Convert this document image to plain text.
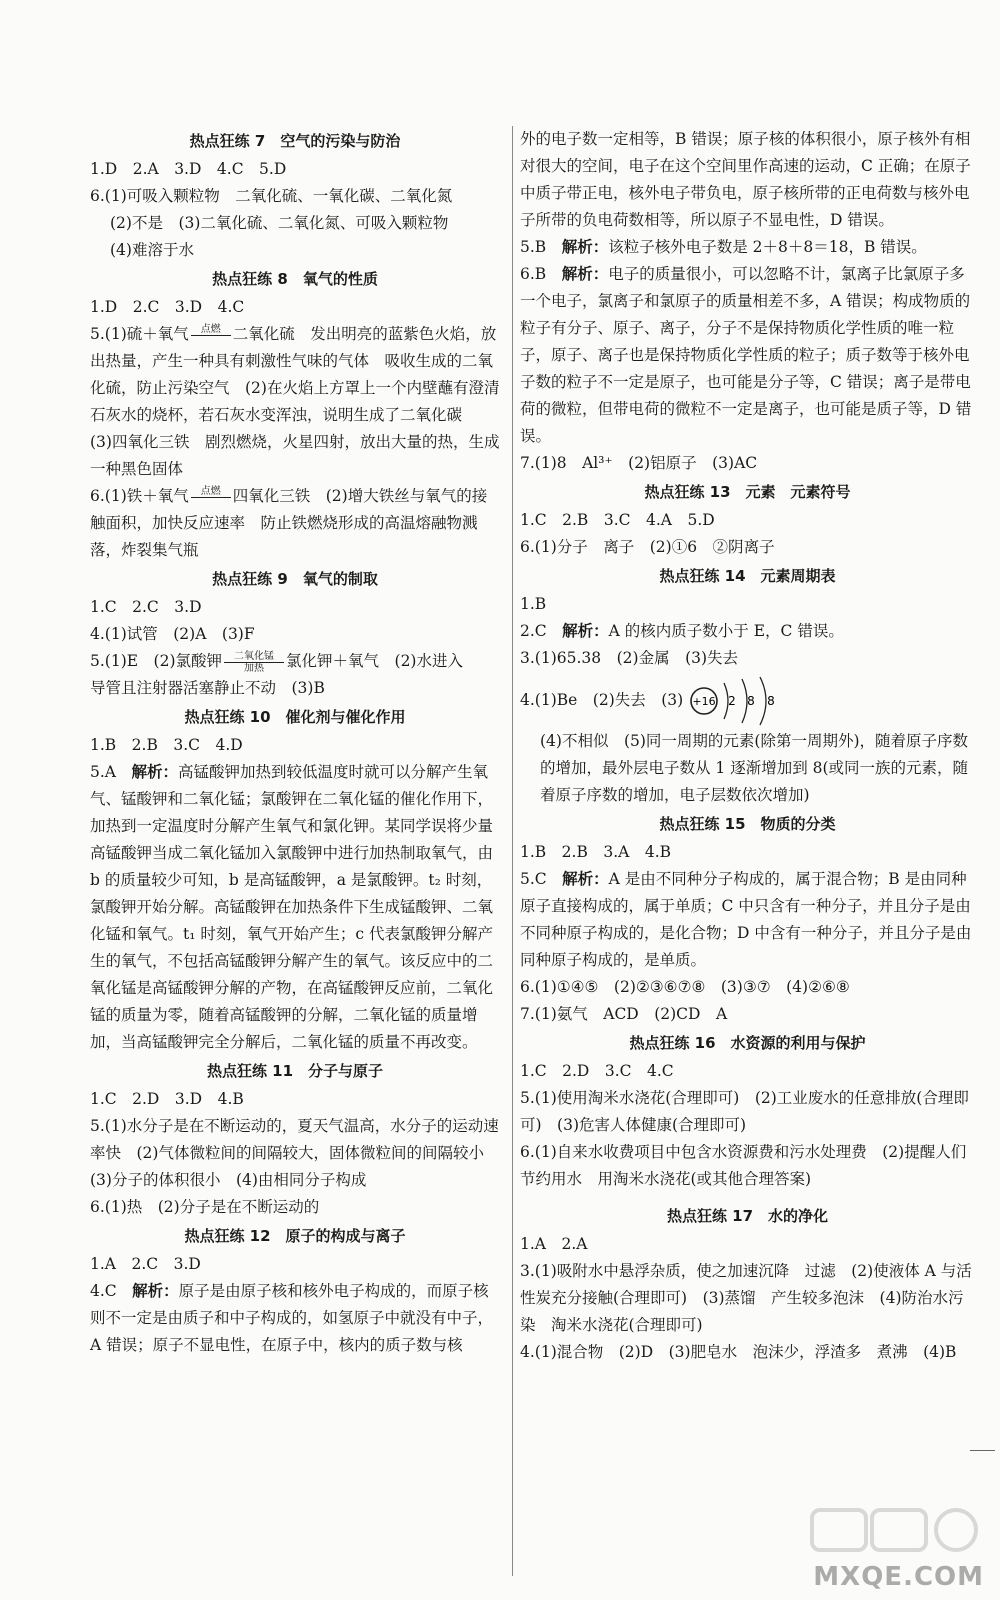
热点狂练 7　空气的污染与防治
1.D　2.A　3.D　4.C　5.D
6.(1)可吸入颗粒物　二氧化硫、一氧化碳、二氧化氮
(2)不是　(3)二氧化硫、二氧化氮、可吸入颗粒物
(4)难溶于水
热点狂练 8　氧气的性质
1.D　2.C　3.D　4.C
5.(1)硫＋氧气	点燃
二氧化硫　发出明亮的蓝紫色火焰，放
出热量，产生一种具有刺激性气味的气体　吸收生成的二氧化硫，防止污染空气　(2)在火焰上方罩上一个内壁蘸有澄清石灰水的烧杯，若石灰水变浑浊，说明生成了二氧化碳
(3)四氧化三铁　剧烈燃烧，火星四射，放出大量的热，生成一种黑色固体
6.(1)铁＋氧气	点燃
四氧化三铁　(2)增大铁丝与氧气的接
触面积，加快反应速率　防止铁燃烧形成的高温熔融物溅落，炸裂集气瓶
热点狂练 9　氧气的制取
1.C　2.C　3.D
4.(1)试管　(2)A　(3)F
5.(1)E　(2)氯酸钾	二氧化锰
加热	氯化钾＋氧气　(2)水进入
导管且注射器活塞静止不动　(3)B
热点狂练 10　催化剂与催化作用
1.B　2.B　3.C　4.D
5.A　解析：高锰酸钾加热到较低温度时就可以分解产生氧气、锰酸钾和二氧化锰；氯酸钾在二氧化锰的催化作用下，加热到一定温度时分解产生氧气和氯化钾。某同学误将少量高锰酸钾当成二氧化锰加入氯酸钾中进行加热制取氧气，由 b 的质量较少可知，b 是高锰酸钾，a 是氯酸钾。t₂ 时刻，氯酸钾开始分解。高锰酸钾在加热条件下生成锰酸钾、二氧化锰和氧气。t₁ 时刻，氧气开始产生；c 代表氯酸钾分解产生的氧气，不包括高锰酸钾分解产生的氧气。该反应中的二氧化锰是高锰酸钾分解的产物，在高锰酸钾反应前，二氧化锰的质量为零，随着高锰酸钾的分解，二氧化锰的质量增加，当高锰酸钾完全分解后，二氧化锰的质量不再改变。
热点狂练 11　分子与原子
1.C　2.D　3.D　4.B
5.(1)水分子是在不断运动的，夏天气温高，水分子的运动速率快　(2)气体微粒间的间隔较大，固体微粒间的间隔较小　(3)分子的体积很小　(4)由相同分子构成
6.(1)热　(2)分子是在不断运动的
热点狂练 12　原子的构成与离子
1.A　2.C　3.D
4.C　解析：原子是由原子核和核外电子构成的，而原子核则不一定是由质子和中子构成的，如氢原子中就没有中子，A 错误；原子不显电性，在原子中，核内的质子数与核
外的电子数一定相等，B 错误；原子核的体积很小，原子核外有相对很大的空间，电子在这个空间里作高速的运动，C 正确；在原子中质子带正电，核外电子带负电，原子核所带的正电荷数与核外电子所带的负电荷数相等，所以原子不显电性，D 错误。
5.B　解析：该粒子核外电子数是 2＋8＋8＝18，B 错误。
6.B　解析：电子的质量很小，可以忽略不计，氯离子比氯原子多一个电子，氯离子和氯原子的质量相差不多，A 错误；构成物质的粒子有分子、原子、离子，分子不是保持物质化学性质的唯一粒子，原子、离子也是保持物质化学性质的粒子；质子数等于核外电子数的粒子不一定是原子，也可能是分子等，C 错误；离子是带电荷的微粒，但带电荷的微粒不一定是离子，也可能是质子等，D 错误。
7.(1)8　Al³⁺　(2)铝原子　(3)AC
热点狂练 13　元素　元素符号
1.C　2.B　3.C　4.A　5.D
6.(1)分子　离子　(2)①6　②阴离子
热点狂练 14　元素周期表
1.B
2.C　解析：A 的核内质子数小于 E，C 错误。
3.(1)65.38　(2)金属　(3)失去
4.(1)Be　(2)失去　(3) +16 2 8 8
(4)不相似　(5)同一周期的元素(除第一周期外)，随着原子序数的增加，最外层电子数从 1 逐渐增加到 8(或同一族的元素，随着原子序数的增加，电子层数依次增加)
热点狂练 15　物质的分类
1.B　2.B　3.A　4.B
5.C　解析：A 是由不同种分子构成的，属于混合物；B 是由同种原子直接构成的，属于单质；C 中只含有一种分子，并且分子是由不同种原子构成的，是化合物；D 中含有一种分子，并且分子是由同种原子构成的，是单质。
6.(1)①④⑤　(2)②③⑥⑦⑧　(3)③⑦　(4)②⑥⑧
7.(1)氨气　ACD　(2)CD　A
热点狂练 16　水资源的利用与保护
1.C　2.D　3.C　4.C
5.(1)使用淘米水浇花(合理即可)　(2)工业废水的任意排放(合理即可)　(3)危害人体健康(合理即可)
6.(1)自来水收费项目中包含水资源费和污水处理费　(2)提醒人们节约用水　用淘米水浇花(或其他合理答案)
热点狂练 17　水的净化
1.A　2.A
3.(1)吸附水中悬浮杂质，使之加速沉降　过滤　(2)使液体 A 与活性炭充分接触(合理即可)　(3)蒸馏　产生较多泡沫　(4)防治水污染　淘米水浇花(合理即可)
4.(1)混合物　(2)D　(3)肥皂水　泡沫少，浮渣多　煮沸　(4)B
MXQE.COM
